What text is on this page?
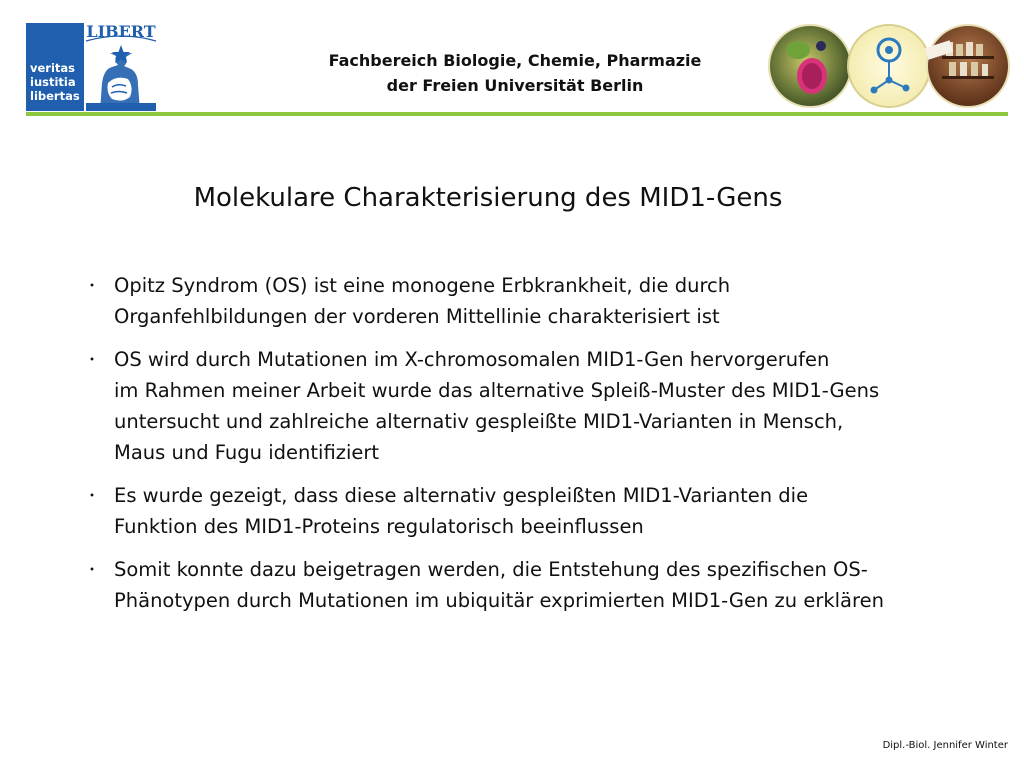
veritas
iustitia
libertas
LIBERT
Fachbereich Biologie, Chemie, Pharmazie
der Freien Universität Berlin
Molekulare Charakterisierung des MID1-Gens
・ Opitz Syndrom (OS) ist eine monogene Erbkrankheit, die durch
Organfehlbildungen der vorderen Mittellinie charakterisiert ist
・ OS wird durch Mutationen im X-chromosomalen MID1-Gen hervorgerufen
im Rahmen meiner Arbeit wurde das alternative Spleiß-Muster des MID1-Gens
untersucht und zahlreiche alternativ gespleißte MID1-Varianten in Mensch,
Maus und Fugu identifiziert
・ Es wurde gezeigt, dass diese alternativ gespleißten MID1-Varianten die
Funktion des MID1-Proteins regulatorisch beeinflussen
・ Somit konnte dazu beigetragen werden, die Entstehung des spezifischen OS-
Phänotypen durch Mutationen im ubiquitär exprimierten MID1-Gen zu erklären
Dipl.-Biol. Jennifer Winter
